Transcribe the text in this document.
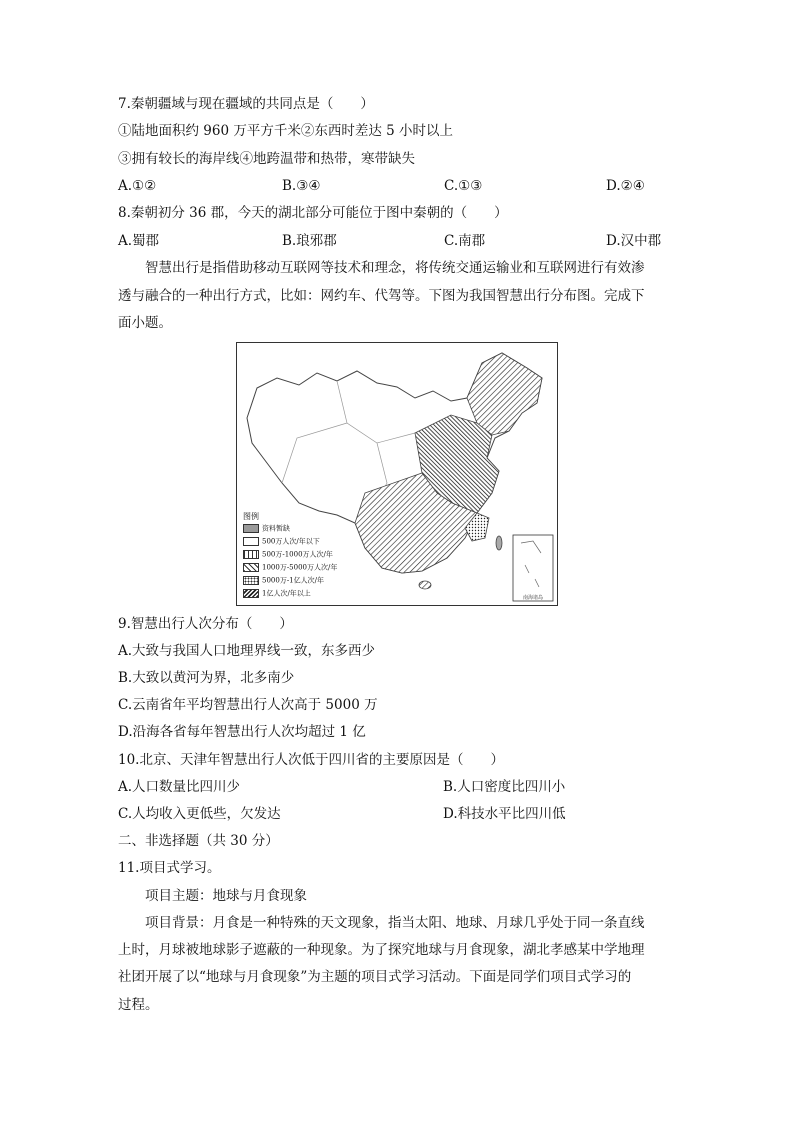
7.秦朝疆域与现在疆域的共同点是（　　）
①陆地面积约 960 万平方千米②东西时差达 5 小时以上
③拥有较长的海岸线④地跨温带和热带，寒带缺失
A.①②	B.③④	C.①③	D.②④
8.秦朝初分 36 郡，今天的湖北部分可能位于图中秦朝的（　　）
A.蜀郡	B.琅邪郡	C.南郡	D.汉中郡
智慧出行是指借助移动互联网等技术和理念，将传统交通运输业和互联网进行有效渗
透与融合的一种出行方式，比如：网约车、代驾等。下图为我国智慧出行分布图。完成下
面小题。
图例
资料暂缺
500万人次/年以下
500万-1000万人次/年
1000万-5000万人次/年
5000万-1亿人次/年
1亿人次/年以上
南海诸岛
9.智慧出行人次分布（　　）
A.大致与我国人口地理界线一致，东多西少
B.大致以黄河为界，北多南少
C.云南省年平均智慧出行人次高于 5000 万
D.沿海各省每年智慧出行人次均超过 1 亿
10.北京、天津年智慧出行人次低于四川省的主要原因是（　　）
A.人口数量比四川少	B.人口密度比四川小
C.人均收入更低些，欠发达	D.科技水平比四川低
二、非选择题（共 30 分）
11.项目式学习。
项目主题：地球与月食现象
项目背景：月食是一种特殊的天文现象，指当太阳、地球、月球几乎处于同一条直线
上时，月球被地球影子遮蔽的一种现象。为了探究地球与月食现象，湖北孝感某中学地理
社团开展了以“地球与月食现象”为主题的项目式学习活动。下面是同学们项目式学习的
过程。
